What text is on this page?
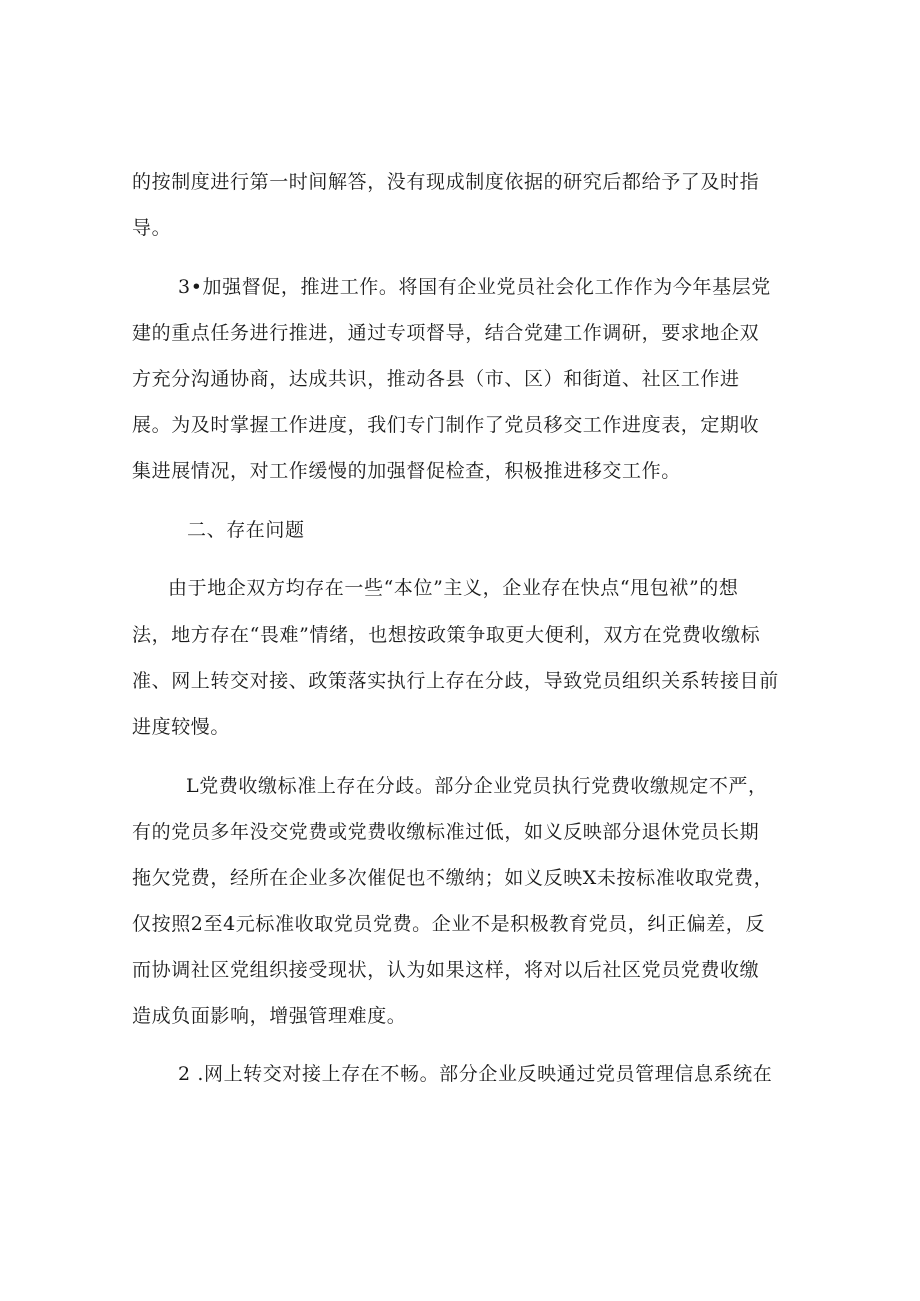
的按制度进行第一时间解答，没有现成制度依据的研究后都给予了及时指
导。
3•加强督促，推进工作。将国有企业党员社会化工作作为今年基层党
建的重点任务进行推进，通过专项督导，结合党建工作调研，要求地企双
方充分沟通协商，达成共识，推动各县（市、区）和街道、社区工作进
展。为及时掌握工作进度，我们专门制作了党员移交工作进度表，定期收
集进展情况，对工作缓慢的加强督促检查，积极推进移交工作。
二、存在问题
由于地企双方均存在一些“本位”主义，企业存在快点“甩包袱”的想
法，地方存在“畏难”情绪，也想按政策争取更大便利，双方在党费收缴标
准、网上转交对接、政策落实执行上存在分歧，导致党员组织关系转接目前
进度较慢。
L党费收缴标准上存在分歧。部分企业党员执行党费收缴规定不严，
有的党员多年没交党费或党费收缴标准过低，如义反映部分退休党员长期
拖欠党费，经所在企业多次催促也不缴纳；如义反映X未按标准收取党费，
仅按照2至4元标准收取党员党费。企业不是积极教育党员，纠正偏差，反
而协调社区党组织接受现状，认为如果这样，将对以后社区党员党费收缴
造成负面影响，增强管理难度。
2 .网上转交对接上存在不畅。部分企业反映通过党员管理信息系统在
